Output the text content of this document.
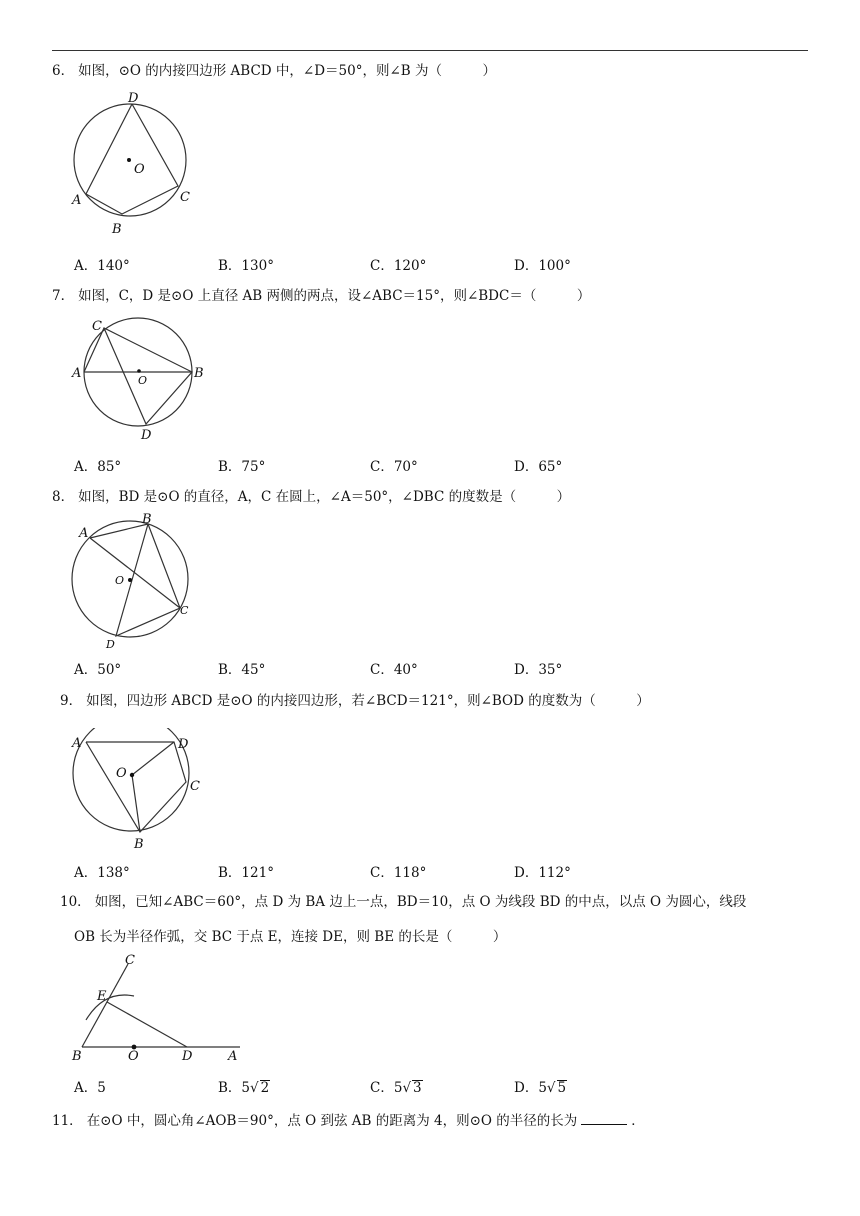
6． 如图，⊙O 的内接四边形 ABCD 中，∠D＝50°，则∠B 为（　　　）
D
O
A	C
B
A．140°	B．130°	C．120°	D．100°
7． 如图，C，D 是⊙O 上直径 AB 两侧的两点，设∠ABC＝15°，则∠BDC＝（　　　）
C
A	O	B
D
A．85°	B．75°	C．70°	D．65°
8． 如图，BD 是⊙O 的直径，A，C 在圆上，∠A＝50°，∠DBC 的度数是（　　　）
A
B
O
C
D
A．50°	B．45°	C．40°	D．35°
9． 如图，四边形 ABCD 是⊙O 的内接四边形，若∠BCD＝121°，则∠BOD 的度数为（　　　）
A	D
O
C
B
A．138°	B．121°	C．118°	D．112°
10． 如图，已知∠ABC＝60°，点 D 为 BA 边上一点，BD＝10，点 O 为线段 BD 的中点，以点 O 为圆心，线段
OB 长为半径作弧，交 BC 于点 E，连接 DE，则 BE 的长是（　　　）
C
E
B	O	D	A
A．5	B．5√ 2	C．5√ 3	D．5√ 5
11． 在⊙O 中，圆心角∠AOB＝90°，点 O 到弦 AB 的距离为 4，则⊙O 的半径的长为	．
